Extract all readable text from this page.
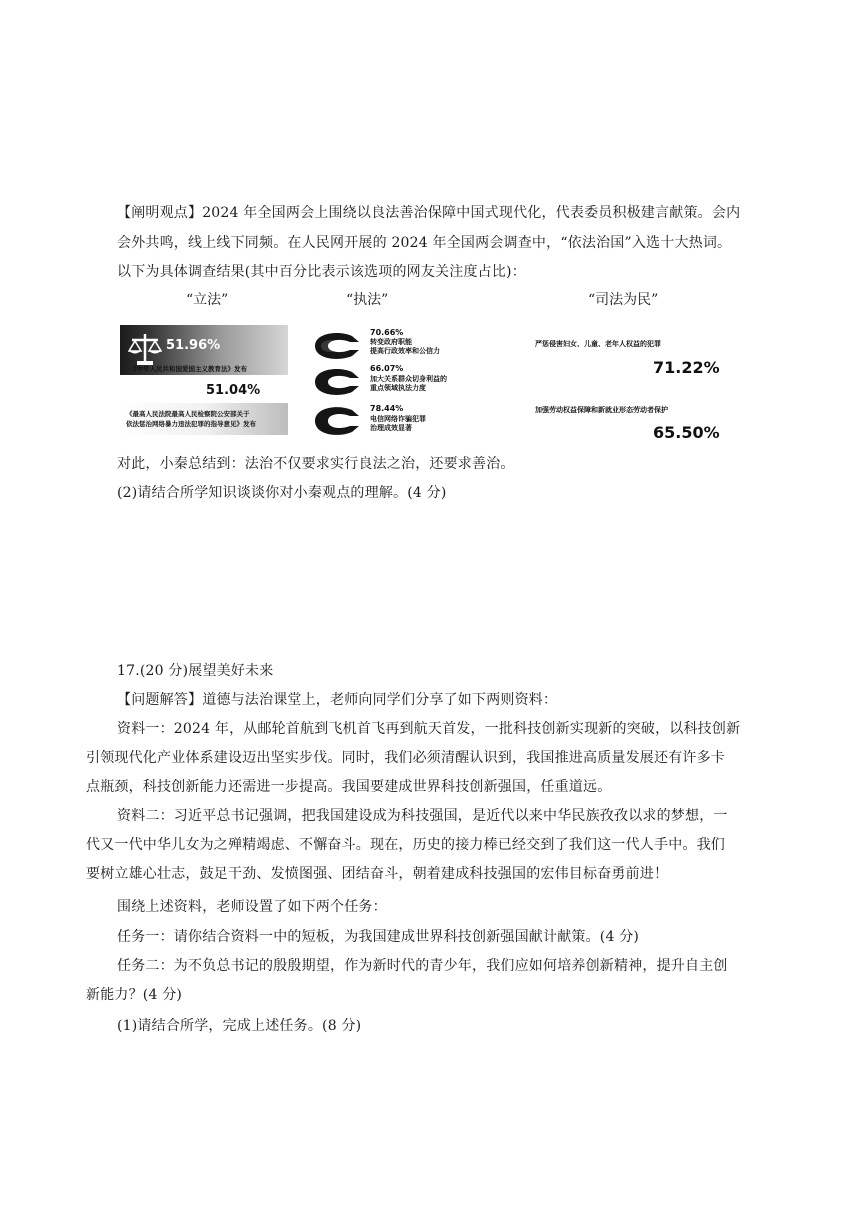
【阐明观点】2024 年全国两会上围绕以良法善治保障中国式现代化，代表委员积极建言献策。会内
会外共鸣，线上线下同频。在人民网开展的 2024 年全国两会调查中，“依法治国”入选十大热词。
以下为具体调查结果(其中百分比表示该选项的网友关注度占比)：
“立法”	“执法”	“司法为民”
51.96%
《中华人民共和国爱国主义教育法》发布
51.04%
《最高人民法院最高人民检察院公安部关于
依法惩治网络暴力违法犯罪的指导意见》发布
70.66%
转变政府职能
提高行政效率和公信力
66.07%
加大关系群众切身利益的
重点领域执法力度
78.44%
电信网络诈骗犯罪
治理成效显著
严惩侵害妇女、儿童、老年人权益的犯罪
71.22%
加强劳动权益保障和新就业形态劳动者保护
65.50%
对此，小秦总结到：法治不仅要求实行良法之治，还要求善治。
(2)请结合所学知识谈谈你对小秦观点的理解。(4 分)
17.(20 分)展望美好未来
【问题解答】道德与法治课堂上，老师向同学们分享了如下两则资料：
资料一：2024 年，从邮轮首航到飞机首飞再到航天首发，一批科技创新实现新的突破，以科技创新
引领现代化产业体系建设迈出坚实步伐。同时，我们必须清醒认识到，我国推进高质量发展还有许多卡
点瓶颈，科技创新能力还需进一步提高。我国要建成世界科技创新强国，任重道远。
资料二：习近平总书记强调，把我国建设成为科技强国，是近代以来中华民族孜孜以求的梦想，一
代又一代中华儿女为之殚精竭虑、不懈奋斗。现在，历史的接力棒已经交到了我们这一代人手中。我们
要树立雄心壮志，鼓足干劲、发愤图强、团结奋斗，朝着建成科技强国的宏伟目标奋勇前进！
围绕上述资料，老师设置了如下两个任务：
任务一：请你结合资料一中的短板，为我国建成世界科技创新强国献计献策。(4 分)
任务二：为不负总书记的殷殷期望，作为新时代的青少年，我们应如何培养创新精神，提升自主创
新能力？(4 分)
(1)请结合所学，完成上述任务。(8 分)
